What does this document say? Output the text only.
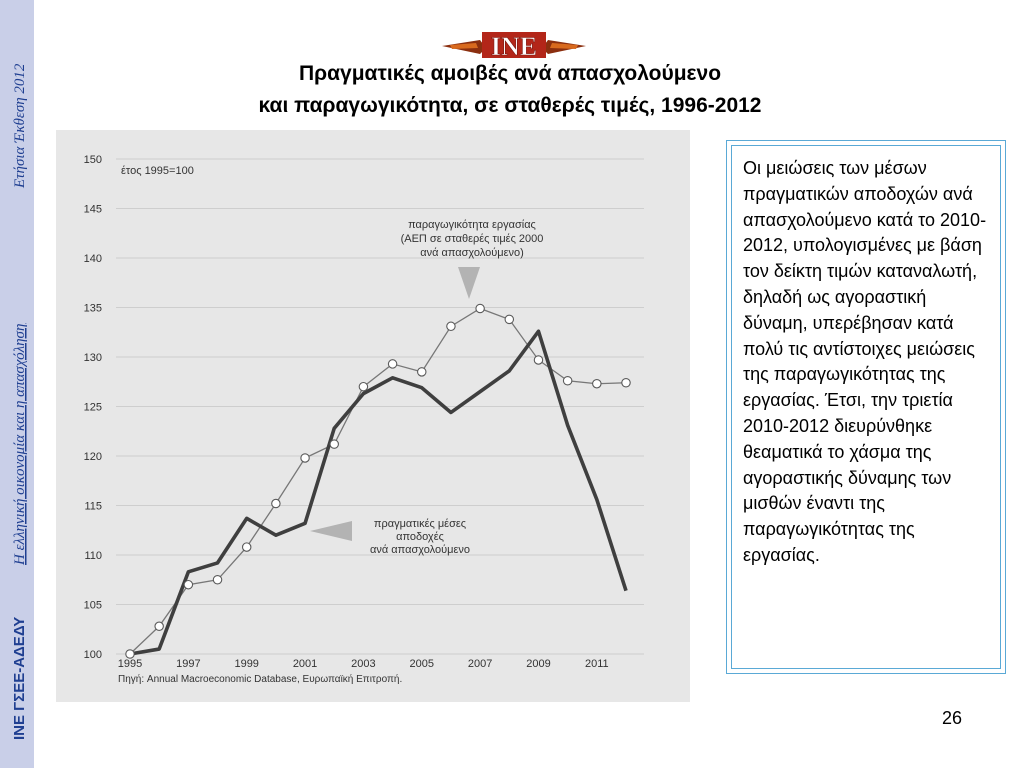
ΙΝΕ ΓΣΕΕ-ΑΔΕΔΥ
Η ελληνική οικονομία και η απασχόληση
Ετήσια Έκθεση 2012
INE
Πραγματικές αμοιβές ανά απασχολούμενο
και παραγωγικότητα, σε σταθερές τιμές, 1996-2012
100
105
110
115
120
125
130
135
140
145
150
1995	1997	1999	2001	2003	2005	2007	2009	2011
έτος 1995=100
παραγωγικότητα εργασίας
(ΑΕΠ σε σταθερές τιμές 2000
ανά απασχολούμενο)
πραγματικές μέσες
αποδοχές
ανά απασχολούμενο
Πηγή: Annual Macroeconomic Database, Ευρωπαϊκή Επιτροπή.
Οι μειώσεις των μέσων πραγματικών αποδοχών ανά απασχολούμενο κατά το 2010-2012, υπολογισμένες με βάση τον δείκτη τιμών καταναλωτή, δηλαδή ως αγοραστική δύναμη, υπερέβησαν κατά πολύ τις αντίστοιχες μειώσεις της παραγωγικότητας της εργασίας. Έτσι, την τριετία 2010-2012 διευρύνθηκε θεαματικά το χάσμα της αγοραστικής δύναμης των μισθών έναντι της παραγωγικότητας της εργασίας.
26
